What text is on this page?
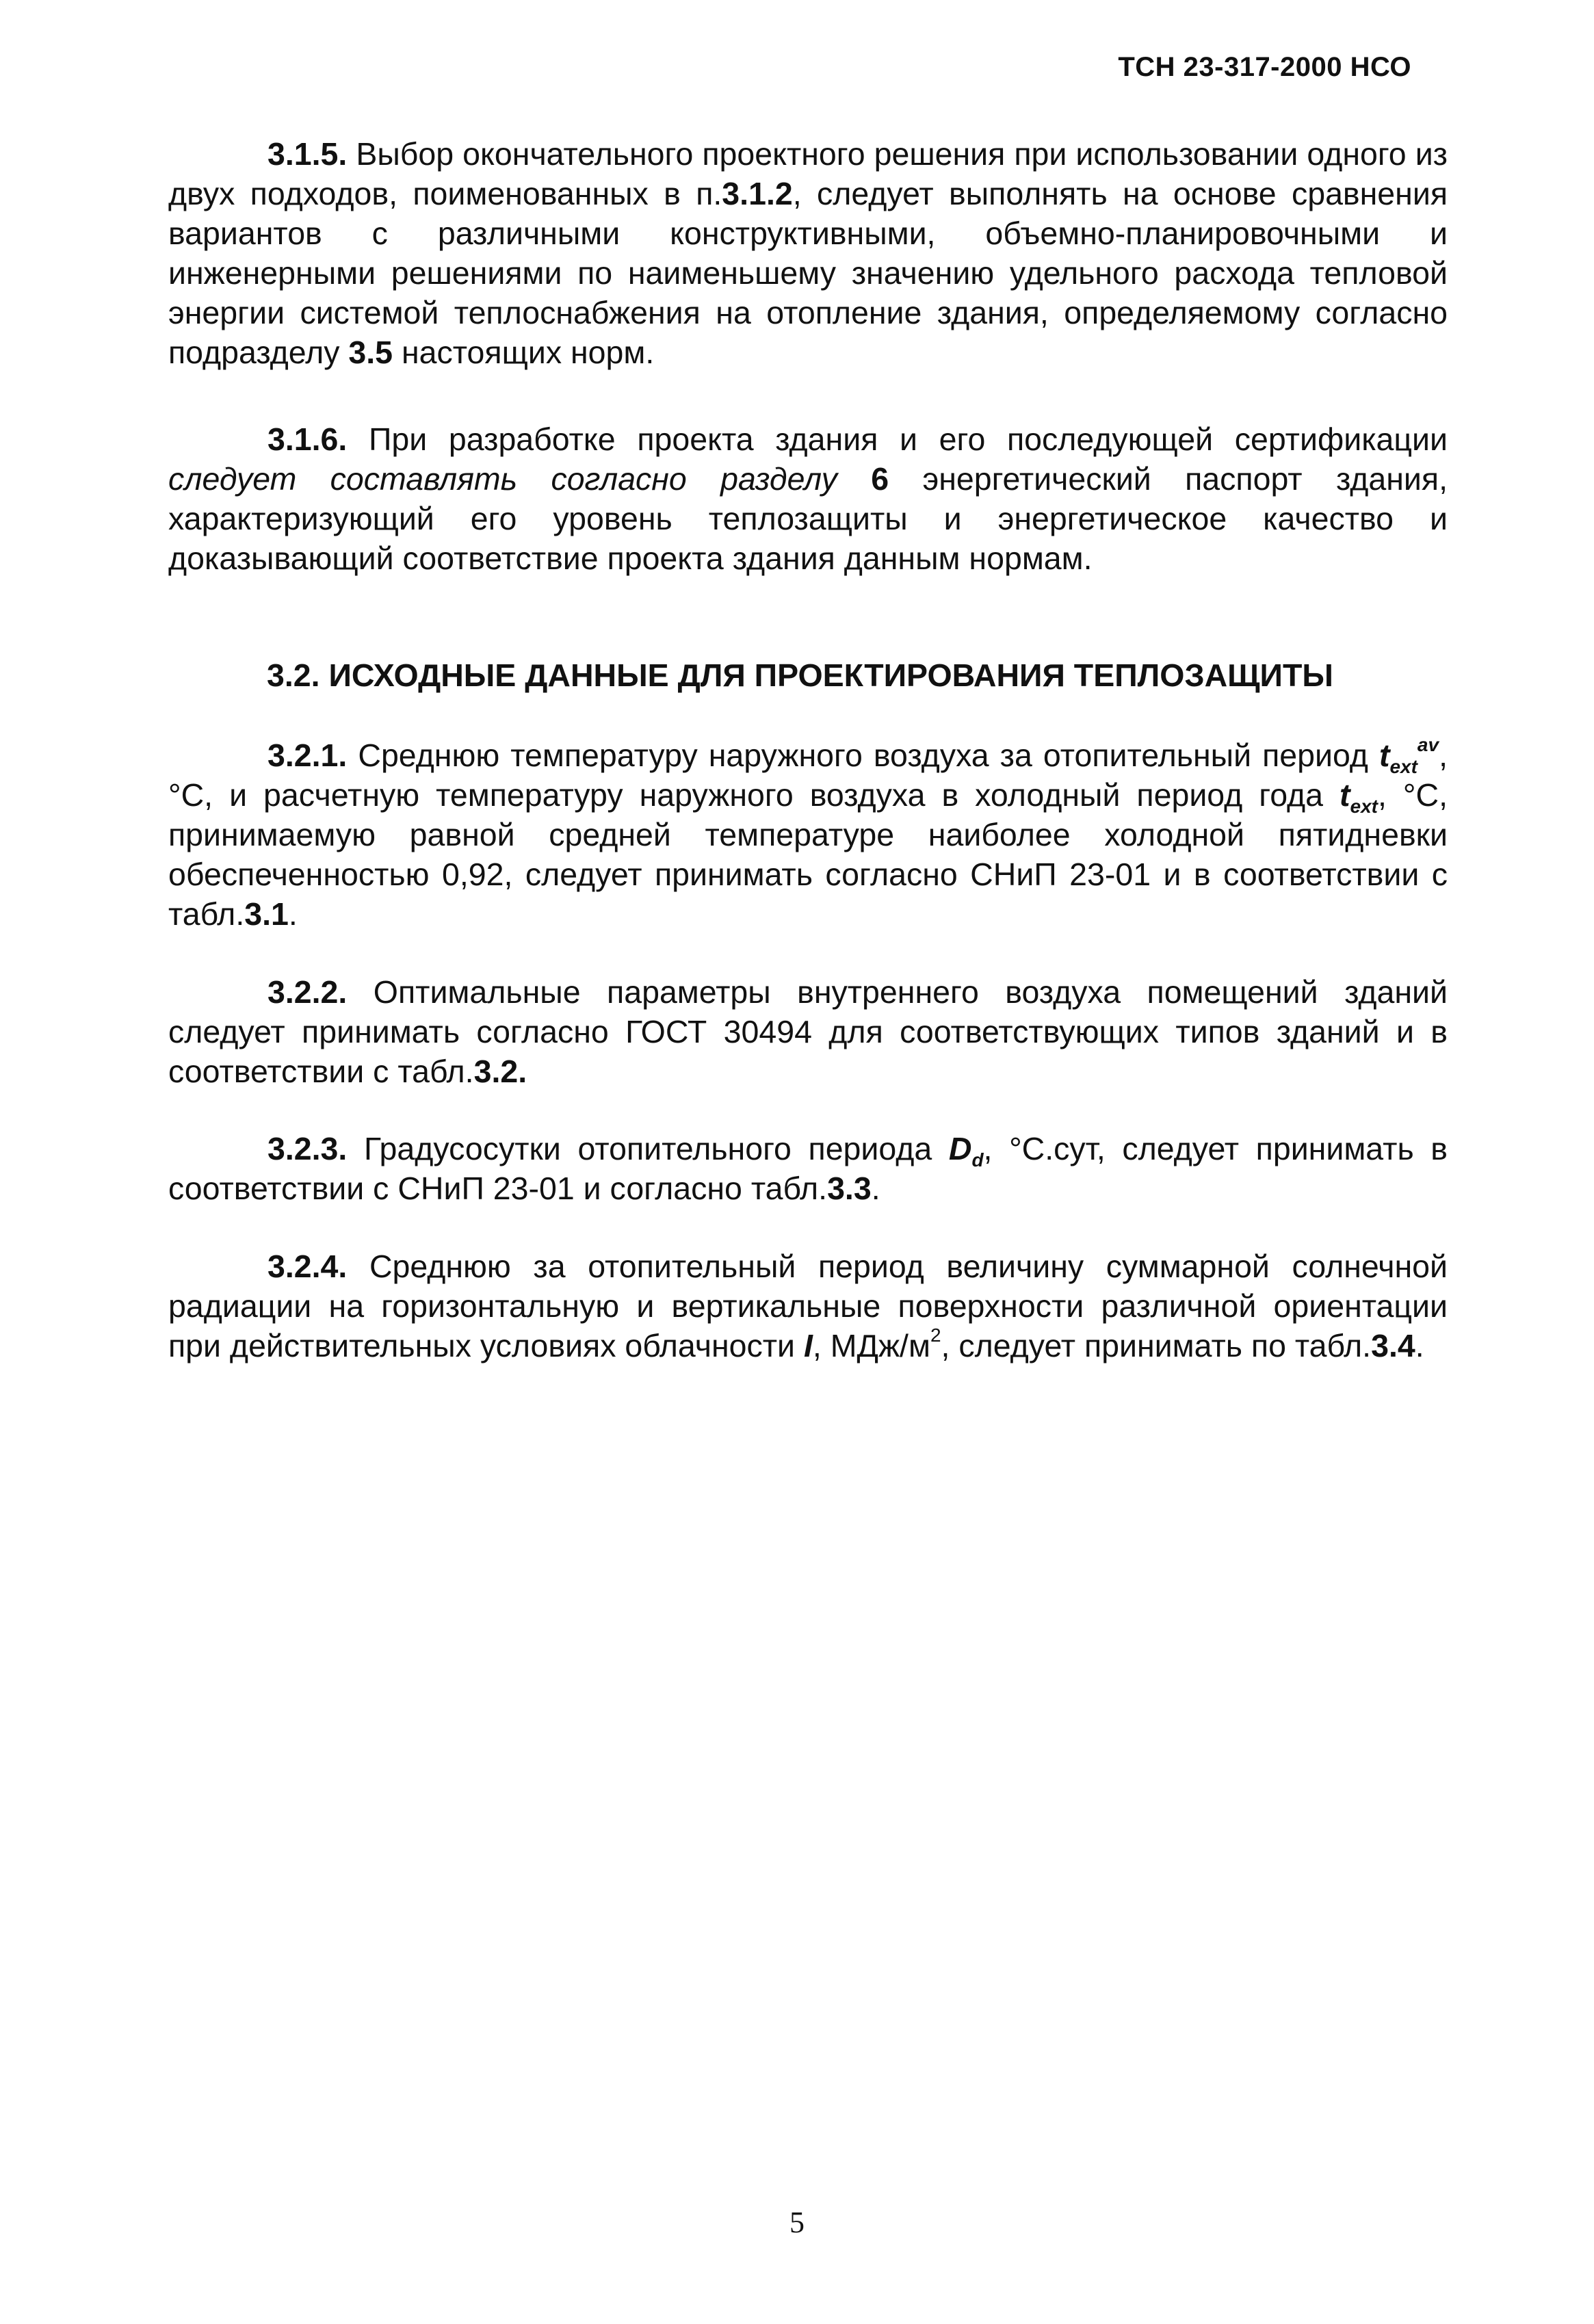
ТСН 23-317-2000 НСО

3.1.5. Выбор окончательного проектного решения при использовании одного из двух подходов, поименованных в п.3.1.2, следует выполнять на основе сравнения вариантов с различными конструктивными, объемно-планировочными и инженерными решениями по наименьшему значению удельного расхода тепловой энергии системой теплоснабжения на отопление здания, определяемому согласно подразделу 3.5 настоящих норм.

3.1.6. При разработке проекта здания и его последующей сертификации следует составлять согласно разделу 6 энергетический паспорт здания, характеризующий его уровень теплозащиты и энергетическое качество и доказывающий соответствие проекта здания данным нормам.

3.2. ИСХОДНЫЕ ДАННЫЕ ДЛЯ ПРОЕКТИРОВАНИЯ ТЕПЛОЗАЩИТЫ

3.2.1. Среднюю температуру наружного воздуха за отопительный период $t_{ext}^{av}$, °С, и расчетную температуру наружного воздуха в холодный период года $t_{ext}$, °С, принимаемую равной средней температуре наиболее холодной пятидневки обеспеченностью 0,92, следует принимать согласно СНиП 23-01 и в соответствии с табл.3.1.

3.2.2. Оптимальные параметры внутреннего воздуха помещений зданий следует принимать согласно ГОСТ 30494 для соответствующих типов зданий и в соответствии с табл.3.2.

3.2.3. Градусосутки отопительного периода $D_d$, °С.сут, следует принимать в соответствии с СНиП 23-01 и согласно табл.3.3.

3.2.4. Среднюю за отопительный период величину суммарной солнечной радиации на горизонтальную и вертикальные поверхности различной ориентации при действительных условиях облачности I, МДж/$м^2$, следует принимать по табл.3.4.

5
